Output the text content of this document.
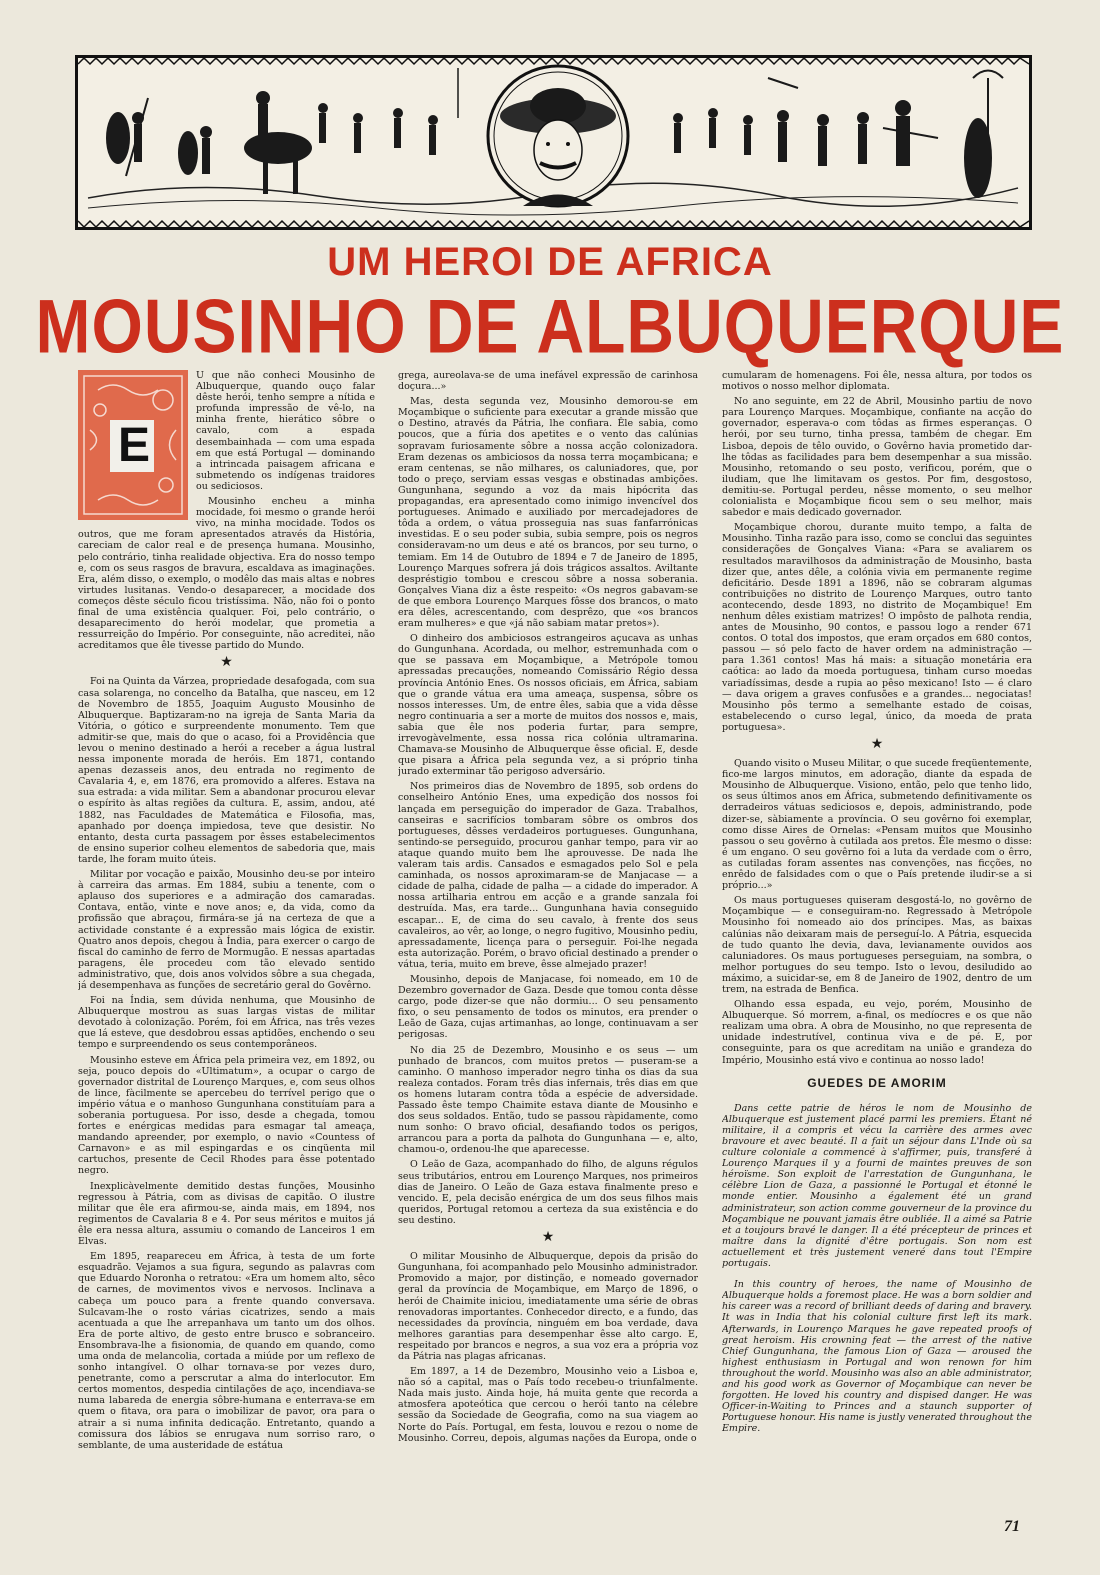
UM HEROI DE AFRICA
MOUSINHO DE ALBUQUERQUE
E

U que não conheci Mousinho de Albuquerque, quando ouço falar dêste herói, tenho sempre a nítida e profunda impressão de vê-lo, na minha frente, hierático sôbre o cavalo, com a espada desembainhada — com uma espada em que está Portugal — dominando a intrincada paisagem africana e submetendo os indígenas traidores ou sediciosos.

Mousinho encheu a minha mocidade, foi mesmo o grande herói vivo, na minha mocidade. Todos os outros, que me foram apresentados através da História, careciam de calor real e de presença humana. Mousinho, pelo contrário, tinha realidade objectiva. Era do nosso tempo e, com os seus rasgos de bravura, escaldava as imaginações. Era, além disso, o exemplo, o modêlo das mais altas e nobres virtudes lusitanas. Vendo-o desaparecer, a mocidade dos começos dêste século ficou tristíssima. Não, não foi o ponto final de uma existência qualquer. Foi, pelo contrário, o desaparecimento do herói modelar, que prometia a ressurreição do Império. Por conseguinte, não acreditei, não acreditamos que êle tivesse partido do Mundo.

★

Foi na Quinta da Várzea, propriedade desafogada, com sua casa solarenga, no concelho da Batalha, que nasceu, em 12 de Novembro de 1855, Joaquim Augusto Mousinho de Albuquerque. Baptizaram-no na igreja de Santa Maria da Vitória, o gótico e surpreendente monumento. Tem que admitir-se que, mais do que o acaso, foi a Providência que levou o menino destinado a herói a receber a água lustral nessa imponente morada de heróis. Em 1871, contando apenas dezasseis anos, deu entrada no regimento de Cavalaria 4, e, em 1876, era promovido a alferes. Estava na sua estrada: a vida militar. Sem a abandonar procurou elevar o espírito às altas regiões da cultura. E, assim, andou, até 1882, nas Faculdades de Matemática e Filosofia, mas, apanhado por doença impiedosa, teve que desistir. No entanto, desta curta passagem por êsses estabelecimentos de ensino superior colheu elementos de sabedoria que, mais tarde, lhe foram muito úteis.

Militar por vocação e paixão, Mousinho deu-se por inteiro à carreira das armas. Em 1884, subiu a tenente, com o aplauso dos superiores e a admiração dos camaradas. Contava, então, vinte e nove anos; e, da vida, como da profissão que abraçou, firmára-se já na certeza de que a actividade constante é a expressão mais lógica de existir. Quatro anos depois, chegou à Índia, para exercer o cargo de fiscal do caminho de ferro de Mormugão. E nessas apartadas paragens, êle procedeu com tão elevado sentido administrativo, que, dois anos volvidos sôbre a sua chegada, já desempenhava as funções de secretário geral do Govêrno.

Foi na Índia, sem dúvida nenhuma, que Mousinho de Albuquerque mostrou as suas largas vistas de militar devotado à colonização. Porém, foi em África, nas três vezes que lá esteve, que desdobrou essas aptidões, enchendo o seu tempo e surpreendendo os seus contemporâneos.

Mousinho esteve em África pela primeira vez, em 1892, ou seja, pouco depois do «Ultimatum», a ocupar o cargo de governador distrital de Lourenço Marques, e, com seus olhos de lince, fàcilmente se apercebeu do terrível perigo que o império vátua e o manhoso Gungunhana constituíam para a soberania portuguesa. Por isso, desde a chegada, tomou fortes e enérgicas medidas para esmagar tal ameaça, mandando apreender, por exemplo, o navio «Countess of Carnavon» e as mil espingardas e os cinqüenta mil cartuchos, presente de Cecil Rhodes para êsse potentado negro.

Inexplicàvelmente demitido destas funções, Mousinho regressou à Pátria, com as divisas de capitão. O ilustre militar que êle era afirmou-se, ainda mais, em 1894, nos regimentos de Cavalaria 8 e 4. Por seus méritos e muitos já êle era nessa altura, assumiu o comando de Lanceiros 1 em Elvas.

Em 1895, reapareceu em África, à testa de um forte esquadrão. Vejamos a sua figura, segundo as palavras com que Eduardo Noronha o retratou: «Era um homem alto, sêco de carnes, de movimentos vivos e nervosos. Inclinava a cabeça um pouco para a frente quando conversava. Sulcavam-lhe o rosto várias cicatrizes, sendo a mais acentuada a que lhe arrepanhava um tanto um dos olhos. Era de porte altivo, de gesto entre brusco e sobranceiro. Ensombrava-lhe a fisionomia, de quando em quando, como uma onda de melancolia, cortada a miúde por um reflexo de sonho intangível. O olhar tornava-se por vezes duro, penetrante, como a perscrutar a alma do interlocutor. Em certos momentos, despedia cintilações de aço, incendiava-se numa labareda de energia sôbre-humana e enterrava-se em quem o fitava, ora para o imobilizar de pavor, ora para o atrair a si numa infinita dedicação. Entretanto, quando a comissura dos lábios se enrugava num sorriso raro, o semblante, de uma austeridade de estátua

grega, aureolava-se de uma inefável expressão de carinhosa doçura...»

Mas, desta segunda vez, Mousinho demorou-se em Moçambique o suficiente para executar a grande missão que o Destino, através da Pátria, lhe confiara. Êle sabia, como poucos, que a fúria dos apetites e o vento das calúnias sopravam furiosamente sôbre a nossa acção colonizadora. Eram dezenas os ambiciosos da nossa terra moçambicana; e eram centenas, se não milhares, os caluniadores, que, por todo o preço, serviam essas vesgas e obstinadas ambições. Gungunhana, segundo a voz da mais hipócrita das propagandas, era apresentado como inimigo invencível dos portugueses. Animado e auxiliado por mercadejadores de tôda a ordem, o vátua prosseguia nas suas fanfarrónicas investidas. E o seu poder subia, subia sempre, pois os negros consideravam-no um deus e até os brancos, por seu turno, o temiam. Em 14 de Outubro de 1894 e 7 de Janeiro de 1895, Lourenço Marques sofrera já dois trágicos assaltos. Aviltante despréstigio tombou e crescou sôbre a nossa soberania. Gonçalves Viana diz a êste respeito: «Os negros gabavam-se de que embora Lourenço Marques fôsse dos brancos, o mato era dêles, acrescentando, com desprêzo, que «os brancos eram mulheres» e que «já não sabiam matar pretos»).

O dinheiro dos ambiciosos estrangeiros açucava as unhas do Gungunhana. Acordada, ou melhor, estremunhada com o que se passava em Moçambique, a Metrópole tomou apressadas precauções, nomeando Comissário Régio dessa província António Enes. Os nossos oficiais, em África, sabiam que o grande vátua era uma ameaça, suspensa, sôbre os nossos interesses. Um, de entre êles, sabia que a vida dêsse negro continuaria a ser a morte de muitos dos nossos e, mais, sabia que êle nos poderia furtar, para sempre, irrevogàvelmente, essa nossa rica colónia ultramarina. Chamava-se Mousinho de Albuquerque êsse oficial. E, desde que pisara a África pela segunda vez, a si próprio tinha jurado exterminar tão perigoso adversário.

Nos primeiros dias de Novembro de 1895, sob ordens do conselheiro António Enes, uma expedição dos nossos foi lançada em perseguição do imperador de Gaza. Trabalhos, canseiras e sacrifícios tombaram sôbre os ombros dos portugueses, dêsses verdadeiros portugueses. Gungunhana, sentindo-se perseguido, procurou ganhar tempo, para vir ao ataque quando muito bem lhe aprouvesse. De nada lhe valeram tais ardis. Cansados e esmagados pelo Sol e pela caminhada, os nossos aproximaram-se de Manjacase — a cidade de palha, cidade de palha — a cidade do imperador. A nossa artilharia entrou em acção e a grande sanzala foi destruída. Mas, era tarde... Gungunhana havia conseguido escapar... E, de cima do seu cavalo, à frente dos seus cavaleiros, ao vêr, ao longe, o negro fugitivo, Mousinho pediu, apressadamente, licença para o perseguir. Foi-lhe negada esta autorização. Porém, o bravo oficial destinado a prender o vátua, teria, muito em breve, êsse almejado prazer!

Mousinho, depois de Manjacase, foi nomeado, em 10 de Dezembro governador de Gaza. Desde que tomou conta dêsse cargo, pode dizer-se que não dormiu... O seu pensamento fixo, o seu pensamento de todos os minutos, era prender o Leão de Gaza, cujas artimanhas, ao longe, continuavam a ser perigosas.

No dia 25 de Dezembro, Mousinho e os seus — um punhado de brancos, com muitos pretos — puseram-se a caminho. O manhoso imperador negro tinha os dias da sua realeza contados. Foram três dias infernais, três dias em que os homens lutaram contra tôda a espécie de adversidade. Passado êste tempo Chaimite estava diante de Mousinho e dos seus soldados. Então, tudo se passou ràpidamente, como num sonho: O bravo oficial, desafiando todos os perigos, arrancou para a porta da palhota do Gungunhana — e, alto, chamou-o, ordenou-lhe que aparecesse.

O Leão de Gaza, acompanhado do filho, de alguns régulos seus tributários, entrou em Lourenço Marques, nos primeiros dias de Janeiro. O Leão de Gaza estava finalmente preso e vencido. E, pela decisão enérgica de um dos seus filhos mais queridos, Portugal retomou a certeza da sua existência e do seu destino.

★

O militar Mousinho de Albuquerque, depois da prisão do Gungunhana, foi acompanhado pelo Mousinho administrador. Promovido a major, por distinção, e nomeado governador geral da província de Moçambique, em Março de 1896, o herói de Chaimite iniciou, imediatamente uma série de obras renovadoras importantes. Conhecedor directo, e a fundo, das necessidades da província, ninguém em boa verdade, dava melhores garantias para desempenhar êsse alto cargo. E, respeitado por brancos e negros, a sua voz era a própria voz da Pátria nas plagas africanas.

Em 1897, a 14 de Dezembro, Mousinho veio a Lisboa e, não só a capital, mas o País todo recebeu-o triunfalmente. Nada mais justo. Ainda hoje, há muita gente que recorda a atmosfera apoteótica que cercou o herói tanto na célebre sessão da Sociedade de Geografia, como na sua viagem ao Norte do País. Portugal, em festa, louvou e rezou o nome de Mousinho. Correu, depois, algumas nações da Europa, onde o

cumularam de homenagens. Foi êle, nessa altura, por todos os motivos o nosso melhor diplomata.

No ano seguinte, em 22 de Abril, Mousinho partiu de novo para Lourenço Marques. Moçambique, confiante na acção do governador, esperava-o com tôdas as firmes esperanças. O herói, por seu turno, tinha pressa, também de chegar. Em Lisboa, depois de têlo ouvido, o Govêrno havia prometido dar-lhe tôdas as facilidades para bem desempenhar a sua missão. Mousinho, retomando o seu posto, verificou, porém, que o iludiam, que lhe limitavam os gestos. Por fim, desgostoso, demitiu-se. Portugal perdeu, nêsse momento, o seu melhor colonialista e Moçambique ficou sem o seu melhor, mais sabedor e mais dedicado governador.

Moçambique chorou, durante muito tempo, a falta de Mousinho. Tinha razão para isso, como se conclui das seguintes considerações de Gonçalves Viana: «Para se avaliarem os resultados maravilhosos da administração de Mousinho, basta dizer que, antes dêle, a colónia vivia em permanente regime deficitário. Desde 1891 a 1896, não se cobraram algumas contribuições no distrito de Lourenço Marques, outro tanto acontecendo, desde 1893, no distrito de Moçambique! Em nenhum dêles existiam matrizes! O impôsto de palhota rendia, antes de Mousinho, 90 contos, e passou logo a render 671 contos. O total dos impostos, que eram orçados em 680 contos, passou — só pelo facto de haver ordem na administração — para 1.361 contos! Mas há mais: a situação monetária era caótica: ao lado da moeda portuguesa, tinham curso moedas variadíssimas, desde a rupia ao pêso mexicano! Isto — é claro — dava origem a graves confusões e a grandes... negociatas! Mousinho pôs termo a semelhante estado de coisas, estabelecendo o curso legal, único, da moeda de prata portuguesa».

★

Quando visito o Museu Militar, o que sucede freqüentemente, fico-me largos minutos, em adoração, diante da espada de Mousinho de Albuquerque. Visiono, então, pelo que tenho lido, os seus últimos anos em África, submetendo definitivamente os derradeiros vátuas sediciosos e, depois, administrando, pode dizer-se, sàbiamente a província. O seu govêrno foi exemplar, como disse Aires de Ornelas: «Pensam muitos que Mousinho passou o seu govêrno à cutilada aos pretos. Êle mesmo o disse: é um engano. O seu govêrno foi a luta da verdade com o êrro, as cutiladas foram assentes nas convenções, nas ficções, no enrêdo de falsidades com o que o País pretende iludir-se a si próprio...»

Os maus portugueses quiseram desgostá-lo, no govêrno de Moçambique — e conseguiram-no. Regressado à Metrópole Mousinho foi nomeado aio dos príncipes. Mas, as baixas calúnias não deixaram mais de perseguí-lo. A Pátria, esquecida de tudo quanto lhe devia, dava, levianamente ouvidos aos caluniadores. Os maus portugueses perseguiam, na sombra, o melhor portugues do seu tempo. Isto o levou, desiludido ao máximo, a suicidar-se, em 8 de Janeiro de 1902, dentro de um trem, na estrada de Benfica.

Olhando essa espada, eu vejo, porém, Mousinho de Albuquerque. Só morrem, a-final, os medíocres e os que não realizam uma obra. A obra de Mousinho, no que representa de unidade indestrutível, continua viva e de pé. E, por conseguinte, para os que acreditam na união e grandeza do Império, Mousinho está vivo e continua ao nosso lado!

GUEDES DE AMORIM

Dans cette patrie de héros le nom de Mousinho de Albuquerque est justement placé parmi les premiers. Étant né militaire, il a compris et vécu la carrière des armes avec bravoure et avec beauté. Il a fait un séjour dans L'Inde où sa culture coloniale a commencé à s'affirmer, puis, transferé à Lourenço Marques il y a fourni de maintes preuves de son héroïsme. Son exploit de l'arrestation de Gungunhana, le célèbre Lion de Gaza, a passionné le Portugal et étonné le monde entier. Mousinho a également été un grand administrateur, son action comme gouverneur de la province du Moçambique ne pouvant jamais être oubliée. Il a aimé sa Patrie et a toujours bravé le danger. Il a été précepteur de princes et maître dans la dignité d'être portugais. Son nom est actuellement et très justement veneré dans tout l'Empire portugais.

In this country of heroes, the name of Mousinho de Albuquerque holds a foremost place. He was a born soldier and his career was a record of brilliant deeds of daring and bravery. It was in India that his colonial culture first left its mark. Afterwards, in Lourenço Marques he gave repeated proofs of great heroism. His crowning feat — the arrest of the native Chief Gungunhana, the famous Lion of Gaza — aroused the highest enthusiasm in Portugal and won renown for him throughout the world. Mousinho was also an able administrator, and his good work as Governor of Moçambique can never be forgotten. He loved his country and dispised danger. He was Officer-in-Waiting to Princes and a staunch supporter of Portuguese honour. His name is justly venerated throughout the Empire.

71
